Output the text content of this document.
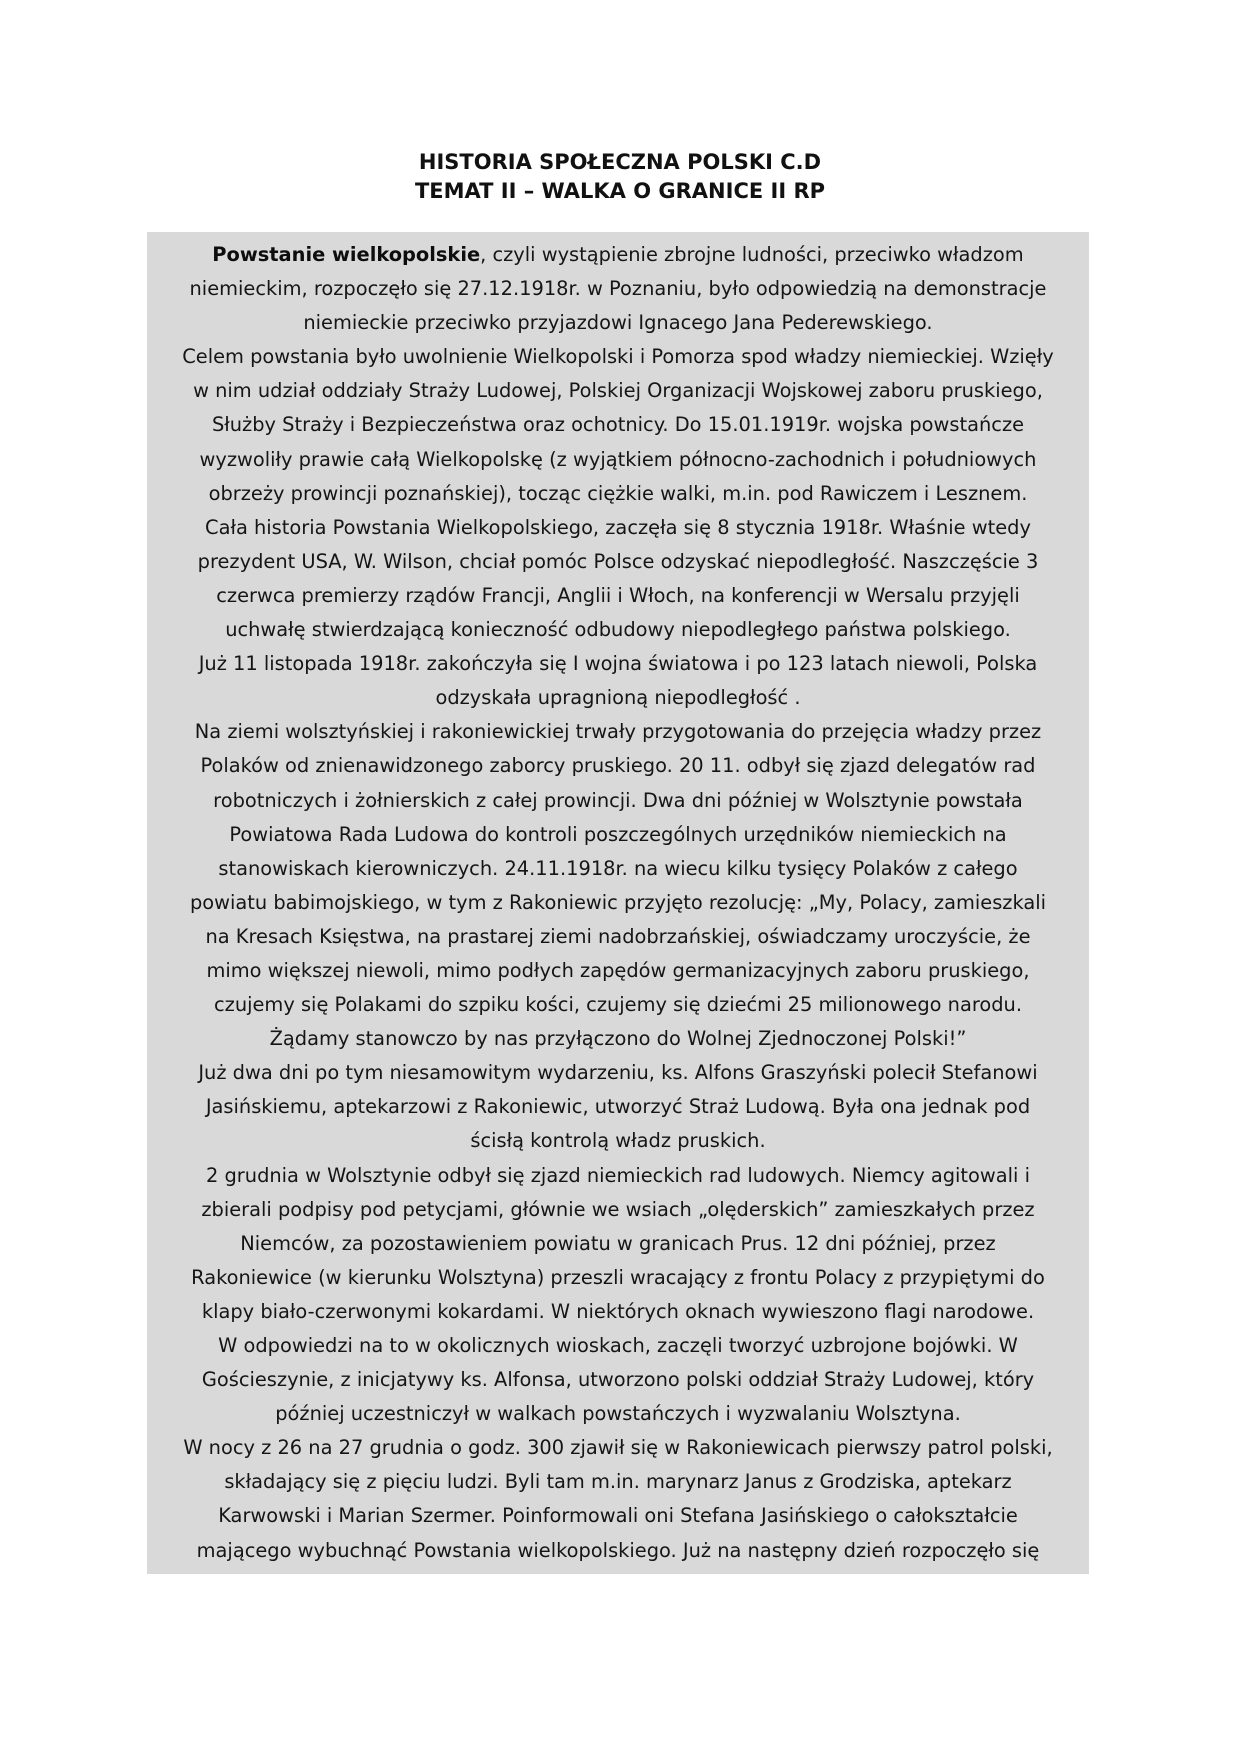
HISTORIA SPOŁECZNA POLSKI C.D
TEMAT II – WALKA O GRANICE II RP
Powstanie wielkopolskie, czyli wystąpienie zbrojne ludności, przeciwko władzom
niemieckim, rozpoczęło się 27.12.1918r. w Poznaniu, było odpowiedzią na demonstracje
niemieckie przeciwko przyjazdowi Ignacego Jana Pederewskiego.
Celem powstania było uwolnienie Wielkopolski i Pomorza spod władzy niemieckiej. Wzięły
w nim udział oddziały Straży Ludowej, Polskiej Organizacji Wojskowej zaboru pruskiego,
Służby Straży i Bezpieczeństwa oraz ochotnicy. Do 15.01.1919r. wojska powstańcze
wyzwoliły prawie całą Wielkopolskę (z wyjątkiem północno-zachodnich i południowych
obrzeży prowincji poznańskiej), tocząc ciężkie walki, m.in. pod Rawiczem i Lesznem.
Cała historia Powstania Wielkopolskiego, zaczęła się 8 stycznia 1918r. Właśnie wtedy
prezydent USA, W. Wilson, chciał pomóc Polsce odzyskać niepodległość. Naszczęście 3
czerwca premierzy rządów Francji, Anglii i Włoch, na konferencji w Wersalu przyjęli
uchwałę stwierdzającą konieczność odbudowy niepodległego państwa polskiego.
Już 11 listopada 1918r. zakończyła się I wojna światowa i po 123 latach niewoli, Polska
odzyskała upragnioną niepodległość .
Na ziemi wolsztyńskiej i rakoniewickiej trwały przygotowania do przejęcia władzy przez
Polaków od znienawidzonego zaborcy pruskiego. 20 11. odbył się zjazd delegatów rad
robotniczych i żołnierskich z całej prowincji. Dwa dni później w Wolsztynie powstała
Powiatowa Rada Ludowa do kontroli poszczególnych urzędników niemieckich na
stanowiskach kierowniczych. 24.11.1918r. na wiecu kilku tysięcy Polaków z całego
powiatu babimojskiego, w tym z Rakoniewic przyjęto rezolucję: „My, Polacy, zamieszkali
na Kresach Księstwa, na prastarej ziemi nadobrzańskiej, oświadczamy uroczyście, że
mimo większej niewoli, mimo podłych zapędów germanizacyjnych zaboru pruskiego,
czujemy się Polakami do szpiku kości, czujemy się dziećmi 25 milionowego narodu.
Żądamy stanowczo by nas przyłączono do Wolnej Zjednoczonej Polski!”
Już dwa dni po tym niesamowitym wydarzeniu, ks. Alfons Graszyński polecił Stefanowi
Jasińskiemu, aptekarzowi z Rakoniewic, utworzyć Straż Ludową. Była ona jednak pod
ścisłą kontrolą władz pruskich.
2 grudnia w Wolsztynie odbył się zjazd niemieckich rad ludowych. Niemcy agitowali i
zbierali podpisy pod petycjami, głównie we wsiach „olęderskich” zamieszkałych przez
Niemców, za pozostawieniem powiatu w granicach Prus. 12 dni później, przez
Rakoniewice (w kierunku Wolsztyna) przeszli wracający z frontu Polacy z przypiętymi do
klapy biało-czerwonymi kokardami. W niektórych oknach wywieszono flagi narodowe.
W odpowiedzi na to w okolicznych wioskach, zaczęli tworzyć uzbrojone bojówki. W
Gościeszynie, z inicjatywy ks. Alfonsa, utworzono polski oddział Straży Ludowej, który
później uczestniczył w walkach powstańczych i wyzwalaniu Wolsztyna.
W nocy z 26 na 27 grudnia o godz. 300 zjawił się w Rakoniewicach pierwszy patrol polski,
składający się z pięciu ludzi. Byli tam m.in. marynarz Janus z Grodziska, aptekarz
Karwowski i Marian Szermer. Poinformowali oni Stefana Jasińskiego o całokształcie
mającego wybuchnąć Powstania wielkopolskiego. Już na następny dzień rozpoczęło się
